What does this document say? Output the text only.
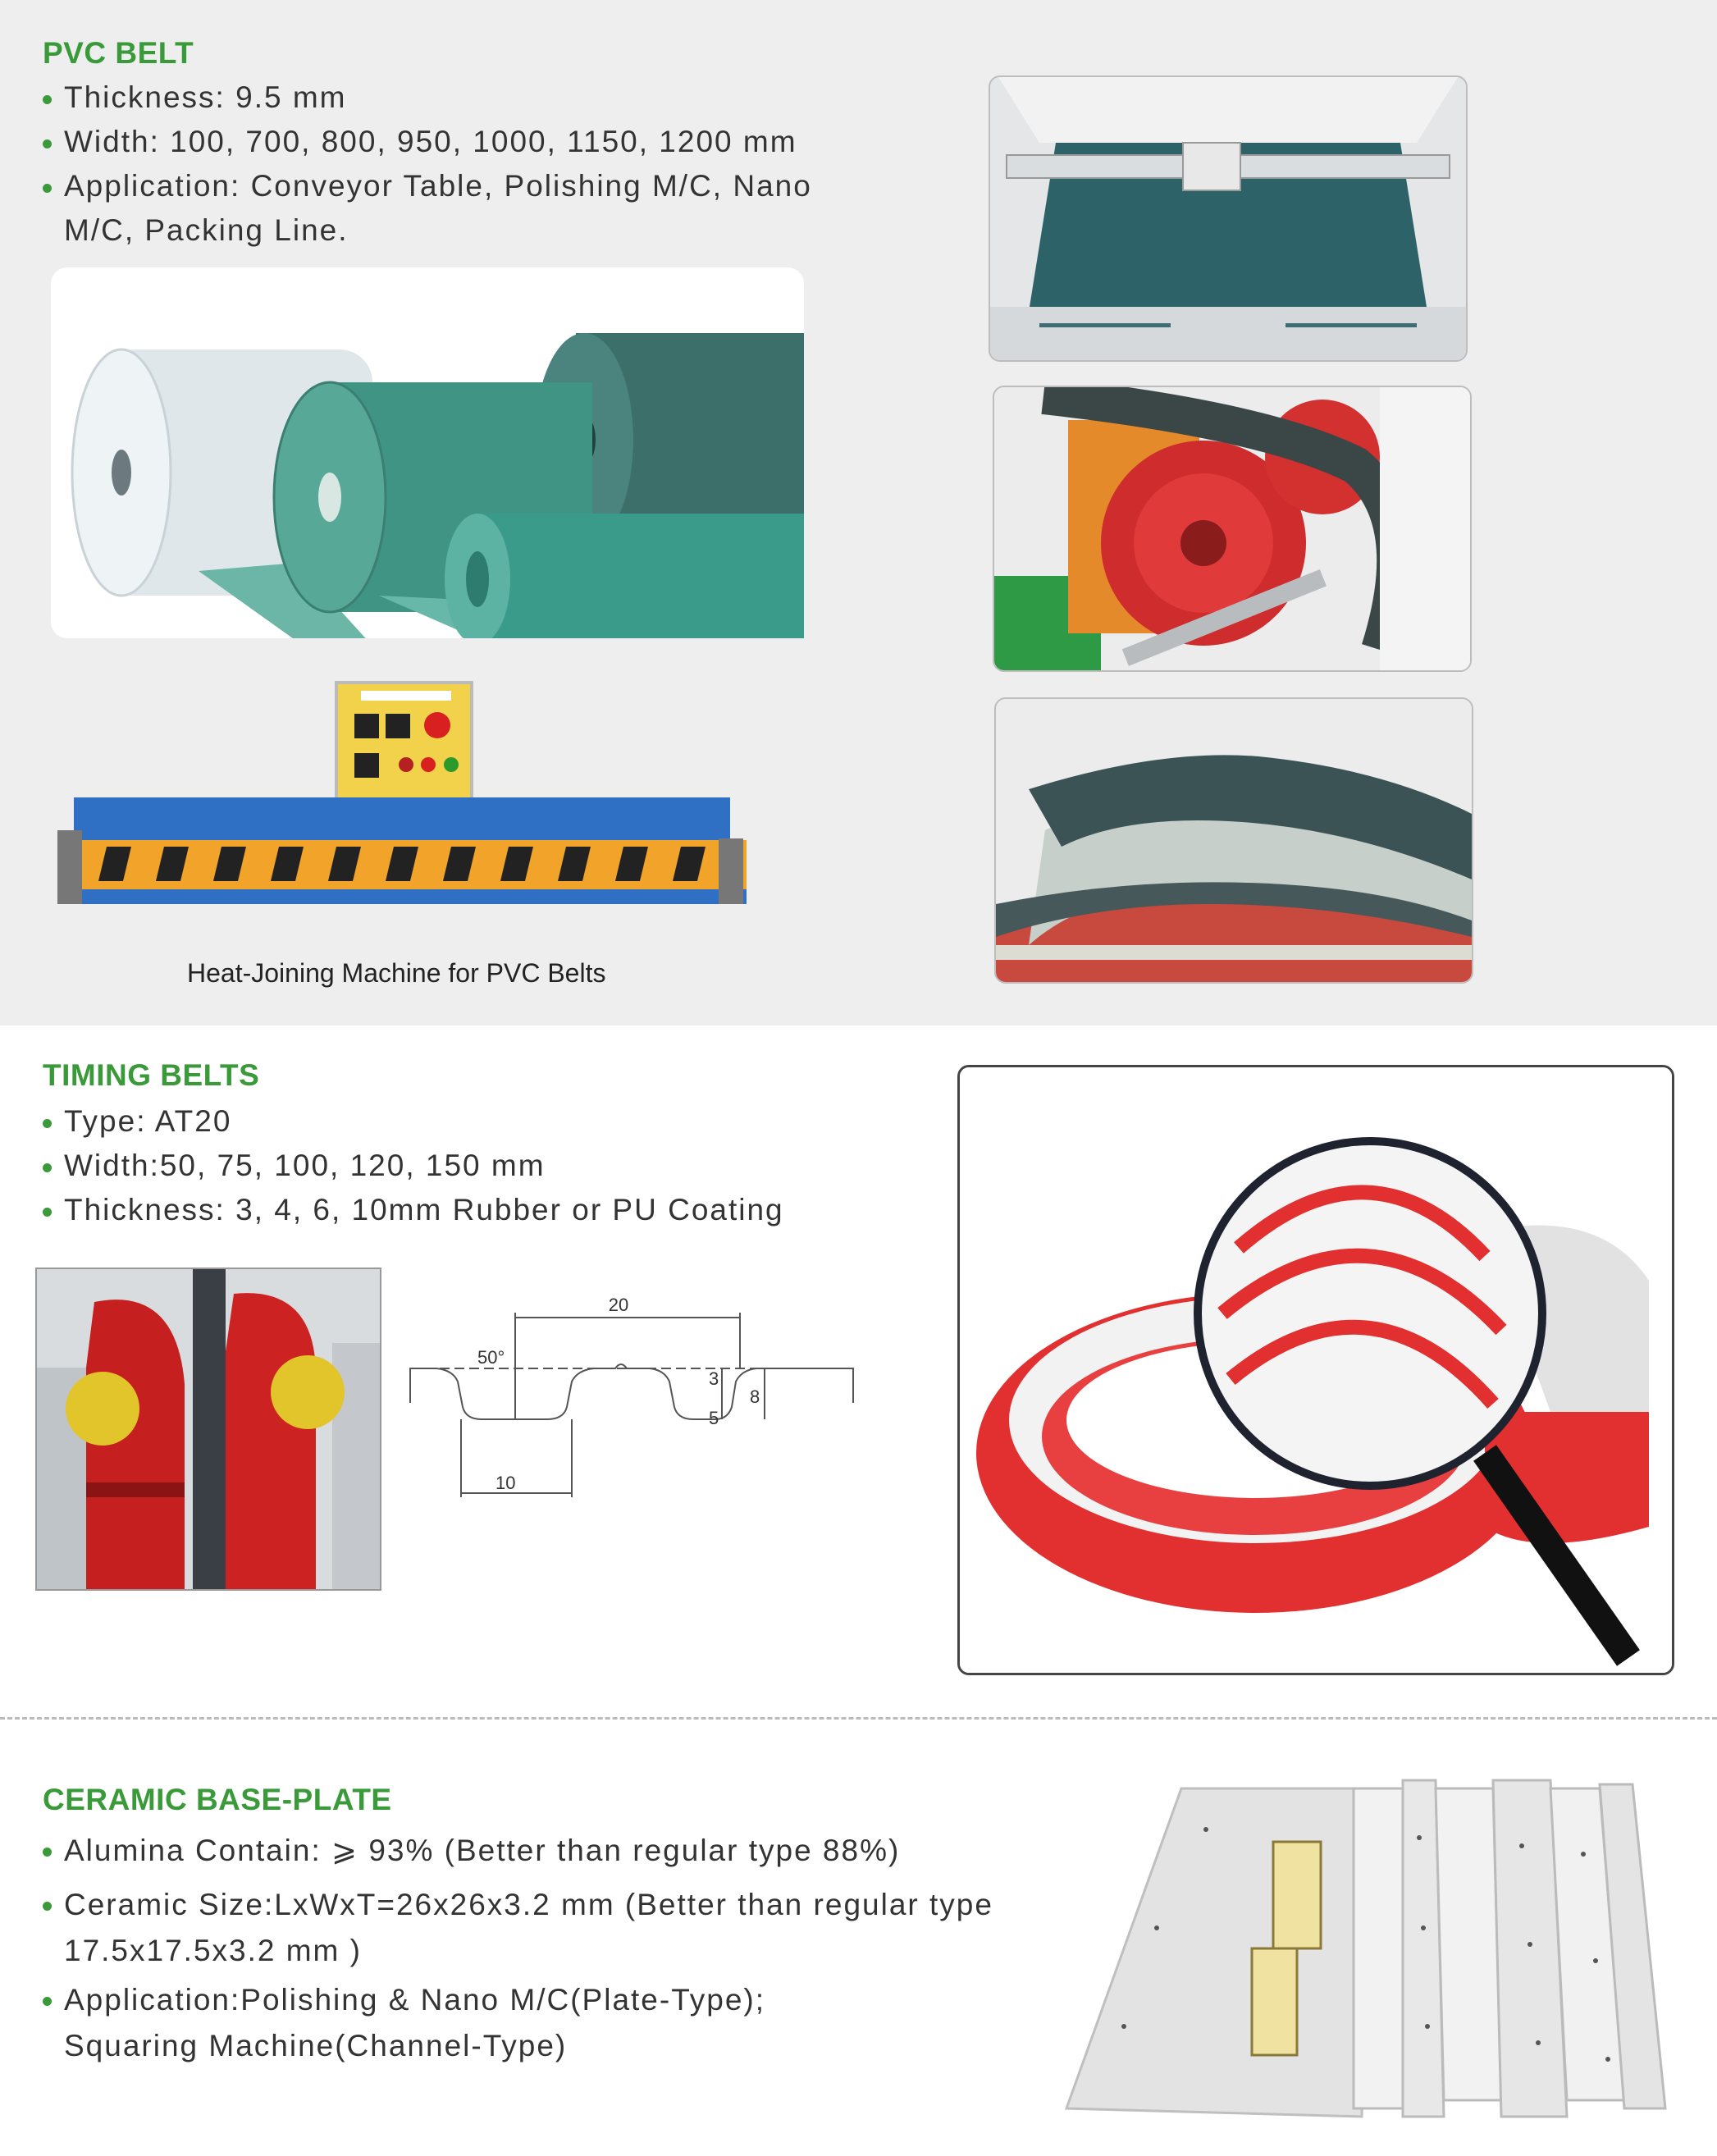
PVC BELT
Thickness: 9.5 mm
Width: 100, 700, 800, 950, 1000, 1150, 1200 mm
Application: Conveyor Table, Polishing M/C, Nano
M/C, Packing Line.
Heat-Joining Machine for PVC Belts
TIMING BELTS
Type: AT20
Width:50, 75, 100, 120, 150 mm
Thickness: 3, 4, 6, 10mm Rubber or PU Coating
20
50°
3
5
8
10
CERAMIC BASE-PLATE
Alumina Contain: ⩾ 93% (Better than regular type 88%)
Ceramic Size:LxWxT=26x26x3.2 mm (Better than regular type
17.5x17.5x3.2 mm )
Application:Polishing & Nano M/C(Plate-Type);
Squaring Machine(Channel-Type)
